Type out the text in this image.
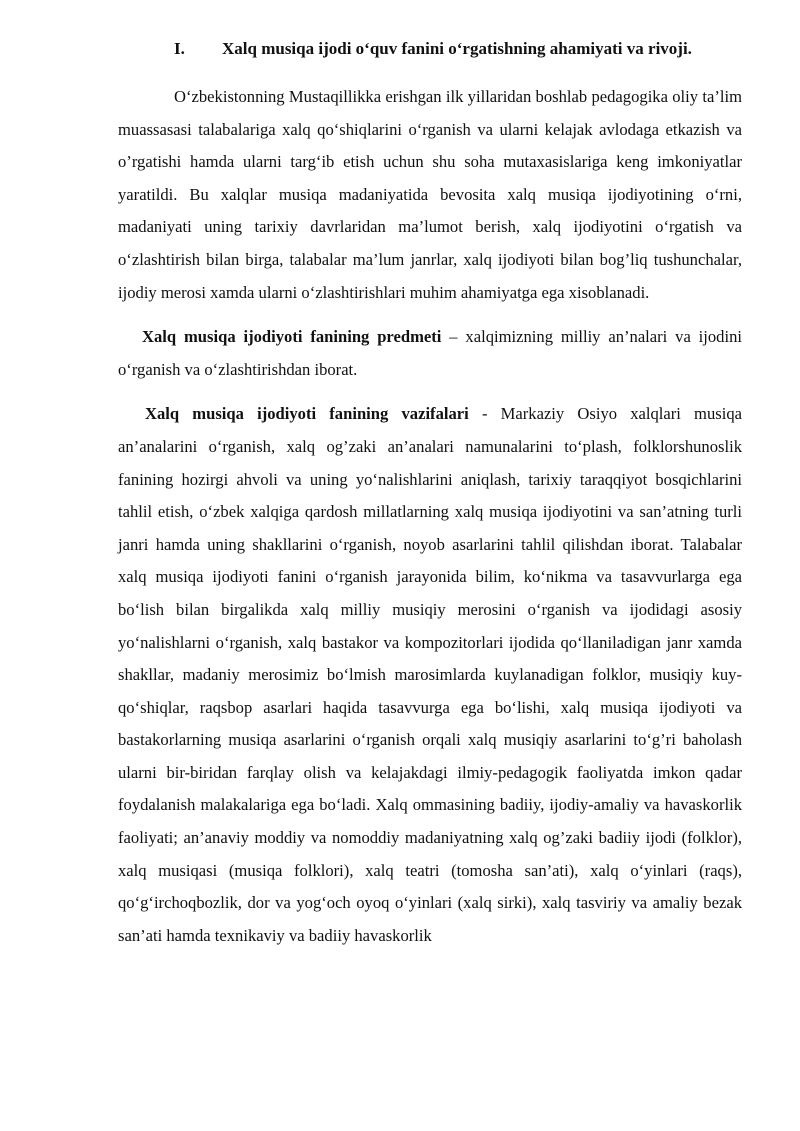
I. Xalq musiqa ijodi o‘quv fanini o‘rgatishning ahamiyati va rivoji.

O‘zbekistonning Mustaqillikka erishgan ilk yillaridan boshlab pedagogika oliy ta’lim muassasasi talabalariga xalq qo‘shiqlarini o‘rganish va ularni kelajak avlodaga etkazish va o’rgatishi hamda ularni targ‘ib etish uchun shu soha mutaxasislariga keng imkoniyatlar yaratildi. Bu xalqlar musiqa madaniyatida bevosita xalq musiqa ijodiyotining o‘rni, madaniyati uning tarixiy davrlaridan ma’lumot berish, xalq ijodiyotini o‘rgatish va o‘zlashtirish bilan birga, talabalar ma’lum janrlar, xalq ijodiyoti bilan bog’liq tushunchalar, ijodiy merosi xamda ularni o‘zlashtirishlari muhim ahamiyatga ega xisoblanadi.

Xalq musiqa ijodiyoti fanining predmeti – xalqimizning milliy an’nalari va ijodini o‘rganish va o‘zlashtirishdan iborat.

Xalq musiqa ijodiyoti fanining vazifalari - Markaziy Osiyo xalqlari musiqa an’analarini o‘rganish, xalq og’zaki an’analari namunalarini to‘plash, folklorshunoslik fanining hozirgi ahvoli va uning yo‘nalishlarini aniqlash, tarixiy taraqqiyot bosqichlarini tahlil etish, o‘zbek xalqiga qardosh millatlarning xalq musiqa ijodiyotini va san’atning turli janri hamda uning shakllarini o‘rganish, noyob asarlarini tahlil qilishdan iborat. Talabalar xalq musiqa ijodiyoti fanini o‘rganish jarayonida bilim, ko‘nikma va tasavvurlarga ega bo‘lish bilan birgalikda xalq milliy musiqiy merosini o‘rganish va ijodidagi asosiy yo‘nalishlarni o‘rganish, xalq bastakor va kompozitorlari ijodida qo‘llaniladigan janr xamda shakllar, madaniy merosimiz bo‘lmish marosimlarda kuylanadigan folklor, musiqiy kuy-qo‘shiqlar, raqsbop asarlari haqida tasavvurga ega bo‘lishi, xalq musiqa ijodiyoti va bastakorlarning musiqa asarlarini o‘rganish orqali xalq musiqiy asarlarini to‘g’ri baholash ularni bir-biridan farqlay olish va kelajakdagi ilmiy-pedagogik faoliyatda imkon qadar foydalanish malakalariga ega bo‘ladi. Xalq ommasining badiiy, ijodiy-amaliy va havaskorlik faoliyati; an’anaviy moddiy va nomoddiy madaniyatning xalq og’zaki badiiy ijodi (folklor), xalq musiqasi (musiqa folklori), xalq teatri (tomosha san’ati), xalq o‘yinlari (raqs), qo‘g‘irchoqbozlik, dor va yog‘och oyoq o‘yinlari (xalq sirki), xalq tasviriy va amaliy bezak san’ati hamda texnikaviy va badiiy havaskorlik
